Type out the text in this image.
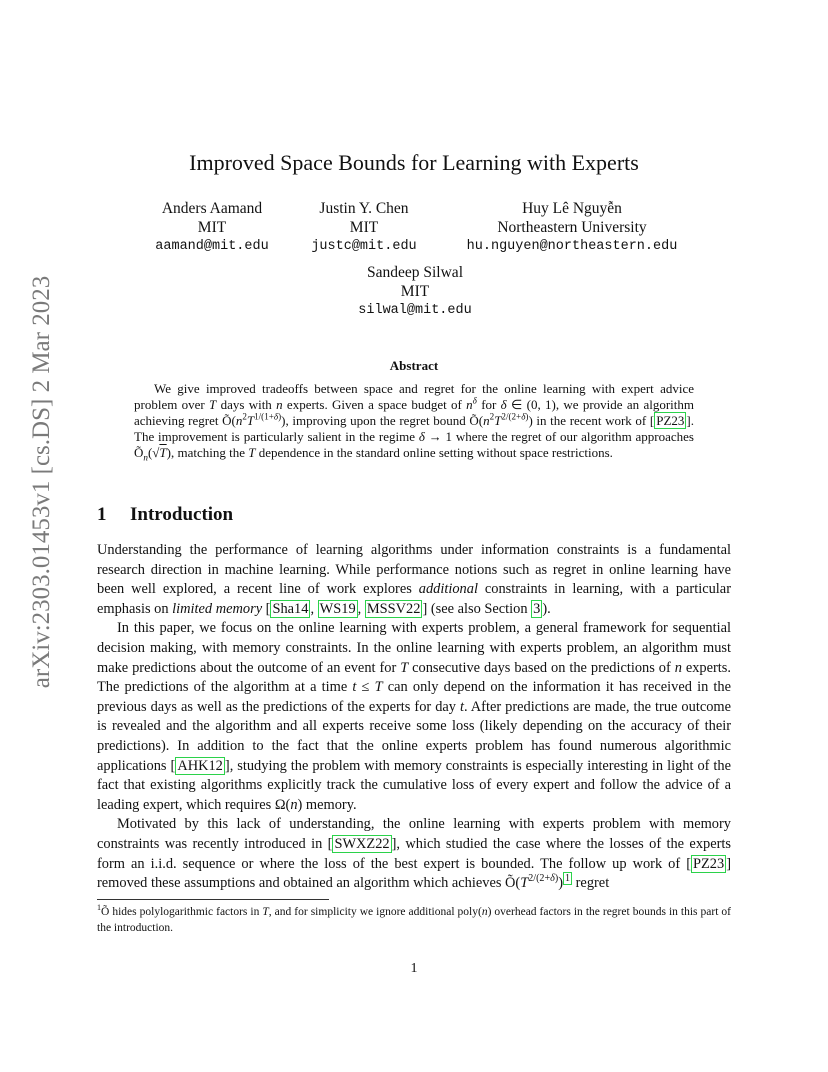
arXiv:2303.01453v1 [cs.DS] 2 Mar 2023
Improved Space Bounds for Learning with Experts
Anders Aamand
MIT
aamand@mit.edu
Justin Y. Chen
MIT
justc@mit.edu
Huy Lê Nguyễn
Northeastern University
hu.nguyen@northeastern.edu
Sandeep Silwal
MIT
silwal@mit.edu
Abstract

We give improved tradeoffs between space and regret for the online learning with expert advice problem over T days with n experts. Given a space budget of $n^\delta$ for δ ∈ (0, 1), we provide an algorithm achieving regret $Õ(n^2T^{1/(1+\delta)})$, improving upon the regret bound $Õ(n^2T^{2/(2+\delta)})$ in the recent work of [ PZ23 ]. The improvement is particularly salient in the regime δ → 1 where the regret of our algorithm approaches $Õ_n(√T)$, matching the T dependence in the standard online setting without space restrictions.

1 Introduction

Understanding the performance of learning algorithms under information constraints is a fundamental research direction in machine learning. While performance notions such as regret in online learning have been well explored, a recent line of work explores additional constraints in learning, with a particular emphasis on limited memory [ Sha14 , WS19 , MSSV22 ] (see also Section 3 ).

In this paper, we focus on the online learning with experts problem, a general framework for sequential decision making, with memory constraints. In the online learning with experts problem, an algorithm must make predictions about the outcome of an event for T consecutive days based on the predictions of n experts. The predictions of the algorithm at a time t ≤ T can only depend on the information it has received in the previous days as well as the predictions of the experts for day t. After predictions are made, the true outcome is revealed and the algorithm and all experts receive some loss (likely depending on the accuracy of their predictions). In addition to the fact that the online experts problem has found numerous algorithmic applications [ AHK12 ], studying the problem with memory constraints is especially interesting in light of the fact that existing algorithms explicitly track the cumulative loss of every expert and follow the advice of a leading expert, which requires Ω(n) memory.

Motivated by this lack of understanding, the online learning with experts problem with memory constraints was recently introduced in [ SWXZ22 ], which studied the case where the losses of the experts form an i.i.d. sequence or where the loss of the best expert is bounded. The follow up work of [ PZ23 ] removed these assumptions and obtained an algorithm which achieves $Õ(T^{2/(2+\delta)})$ $^1$ regret

$^1$Õ hides polylogarithmic factors in T, and for simplicity we ignore additional poly(n) overhead factors in the regret bounds in this part of the introduction.
1
